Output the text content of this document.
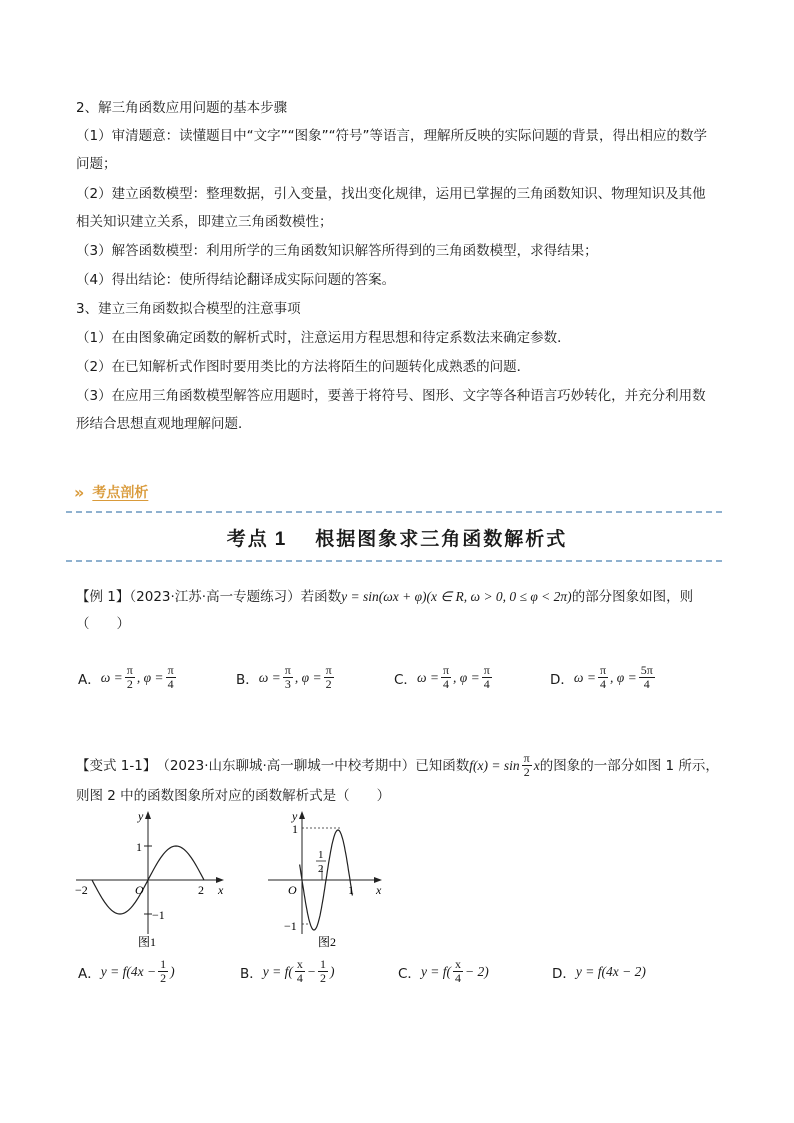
2、解三角函数应用问题的基本步骤
（1）审清题意：读懂题目中“文字”“图象”“符号”等语言，理解所反映的实际问题的背景，得出相应的数学
问题；
（2）建立函数模型：整理数据，引入变量，找出变化规律，运用已掌握的三角函数知识、物理知识及其他
相关知识建立关系，即建立三角函数模性；
（3）解答函数模型：利用所学的三角函数知识解答所得到的三角函数模型，求得结果；
（4）得出结论：使所得结论翻译成实际问题的答案。
3、建立三角函数拟合模型的注意事项
（1）在由图象确定函数的解析式时，注意运用方程思想和待定系数法来确定参数．
（2）在已知解析式作图时要用类比的方法将陌生的问题转化成熟悉的问题．
（3）在应用三角函数模型解答应用题时，要善于将符号、图形、文字等各种语言巧妙转化，并充分利用数
形结合思想直观地理解问题．
» 考点剖析
考点 1 根据图象求三角函数解析式
【例 1】（2023·江苏·高一专题练习）若函数y = sin(ωx + φ)(x ∈ R, ω > 0, 0 ≤ φ < 2π)的部分图象如图，则
（　　）
A． $\omega = \frac{\pi}{2}$ , $\varphi = \frac{\pi}{4}$	B． $\omega = \frac{\pi}{3}$ , $\varphi = \frac{\pi}{2}$	C． $\omega = \frac{\pi}{4}$ , $\varphi = \frac{\pi}{4}$	D． $\omega = \frac{\pi}{4}$ , $\varphi = \frac{5\pi}{4}$
【变式 1-1】 （2023·山东聊城·高一聊城一中校考期中）已知函数 $f(x) = \sin \frac{\pi}{2}$ x 的图象的一部分如图 1 所示，
则图 2 中的函数图象所对应的函数解析式是（　　）
y
x
O
−2	2
1
−1
图1
y
x
O	1
1
−1
1
2
图2
A． $y = f(4x - \frac{1}{2}$ )	B． $y = f( \frac{x}{4} - \frac{1}{2}$ )	C． $y = f( \frac{x}{4} - 2)$	D． y = f(4x − 2)
